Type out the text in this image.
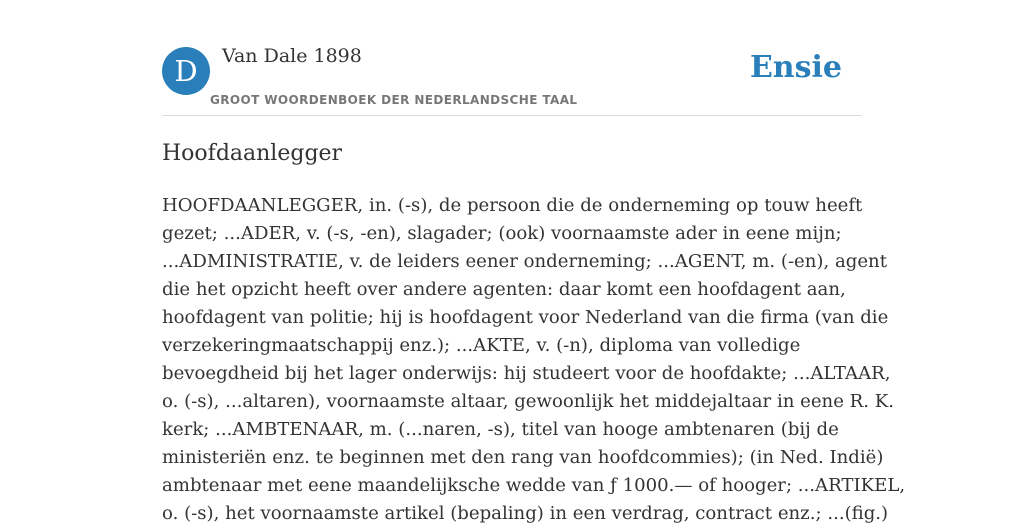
D	Van Dale 1898
GROOT WOORDENBOEK DER NEDERLANDSCHE TAAL
Ensie
Hoofdaanlegger

HOOFDAANLEGGER, in. (-s), de persoon die de onderneming op touw heeft
gezet; ...ADER, v. (-s, -en), slagader; (ook) voornaamste ader in eene mijn;
...ADMINISTRATIE, v. de leiders eener onderneming; ...AGENT, m. (-en), agent
die het opzicht heeft over andere agenten: daar komt een hoofdagent aan,
hoofdagent van politie; hij is hoofdagent voor Nederland van die firma (van die
verzekeringmaatschappij enz.); ...AKTE, v. (-n), diploma van volledige
bevoegdheid bij het lager onderwijs: hij studeert voor de hoofdakte; ...ALTAAR,
o. (-s), ...altaren), voornaamste altaar, gewoonlijk het middejaltaar in eene R. K.
kerk; ...AMBTENAAR, m. (...naren, -s), titel van hooge ambtenaren (bij de
ministeriën enz. te beginnen met den rang van hoofdcommies); (in Ned. Indië)
ambtenaar met eene maandelijksche wedde van ƒ 1000.— of hooger; ...ARTIKEL,
o. (-s), het voornaamste artikel (bepaling) in een verdrag, contract enz.; ...(fig.)
